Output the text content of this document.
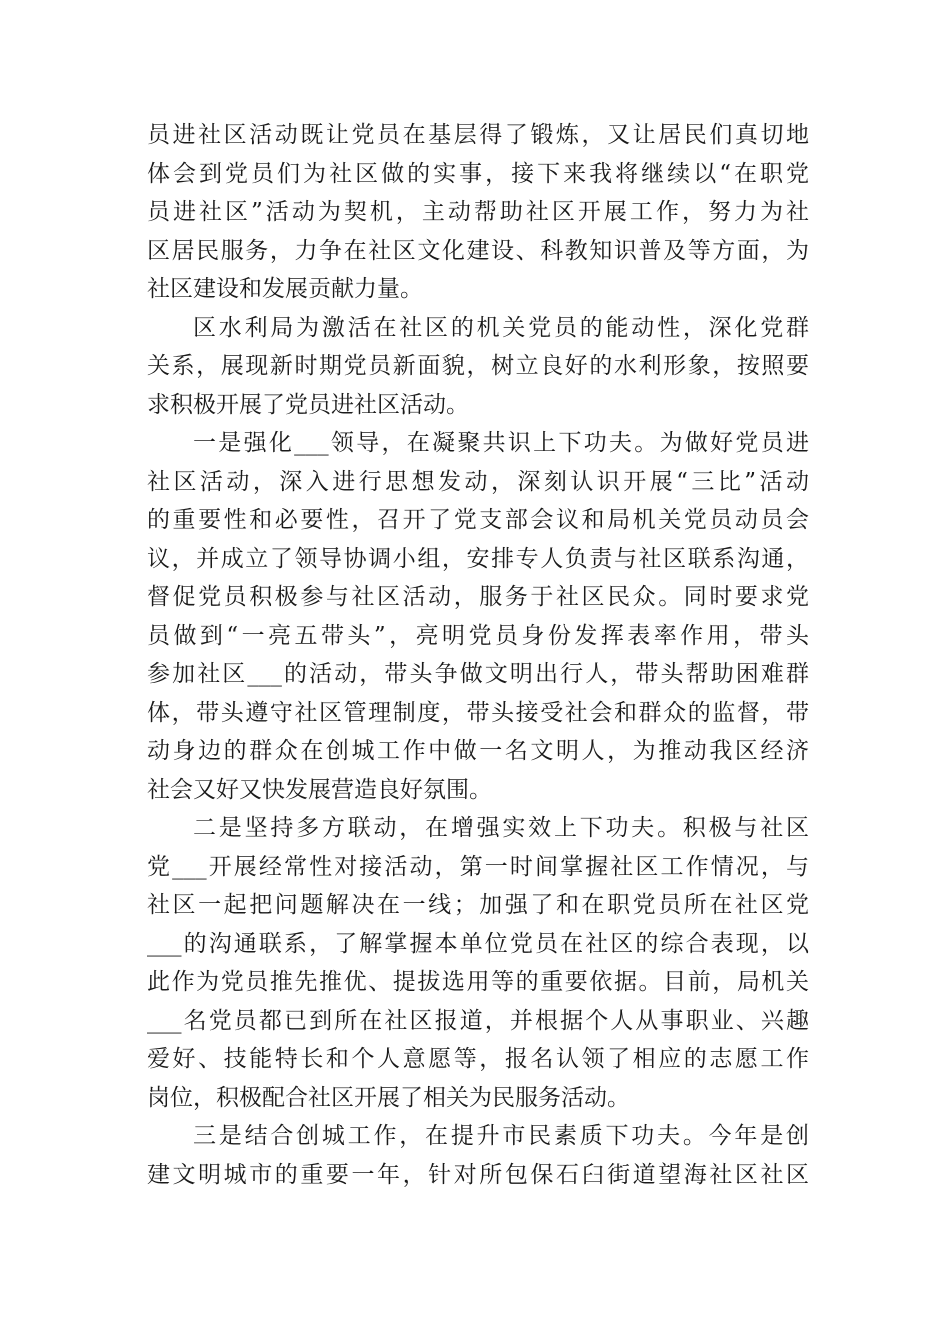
员进社区活动既让党员在基层得了锻炼，又让居民们真切地
体会到党员们为社区做的实事，接下来我将继续以“在职党
员进社区”活动为契机，主动帮助社区开展工作，努力为社
区居民服务，力争在社区文化建设、科教知识普及等方面，为
社区建设和发展贡献力量。
区水利局为激活在社区的机关党员的能动性，深化党群
关系，展现新时期党员新面貌，树立良好的水利形象，按照要
求积极开展了党员进社区活动。
一是强化___领导，在凝聚共识上下功夫。为做好党员进
社区活动，深入进行思想发动，深刻认识开展“三比”活动
的重要性和必要性，召开了党支部会议和局机关党员动员会
议，并成立了领导协调小组，安排专人负责与社区联系沟通，
督促党员积极参与社区活动，服务于社区民众。同时要求党
员做到“一亮五带头”，亮明党员身份发挥表率作用，带头
参加社区___的活动，带头争做文明出行人，带头帮助困难群
体，带头遵守社区管理制度，带头接受社会和群众的监督，带
动身边的群众在创城工作中做一名文明人，为推动我区经济
社会又好又快发展营造良好氛围。
二是坚持多方联动，在增强实效上下功夫。积极与社区
党___开展经常性对接活动，第一时间掌握社区工作情况，与
社区一起把问题解决在一线；加强了和在职党员所在社区党
___的沟通联系，了解掌握本单位党员在社区的综合表现，以
此作为党员推先推优、提拔选用等的重要依据。目前，局机关
___名党员都已到所在社区报道，并根据个人从事职业、兴趣
爱好、技能特长和个人意愿等，报名认领了相应的志愿工作
岗位，积极配合社区开展了相关为民服务活动。
三是结合创城工作，在提升市民素质下功夫。今年是创
建文明城市的重要一年，针对所包保石臼街道望海社区社区
